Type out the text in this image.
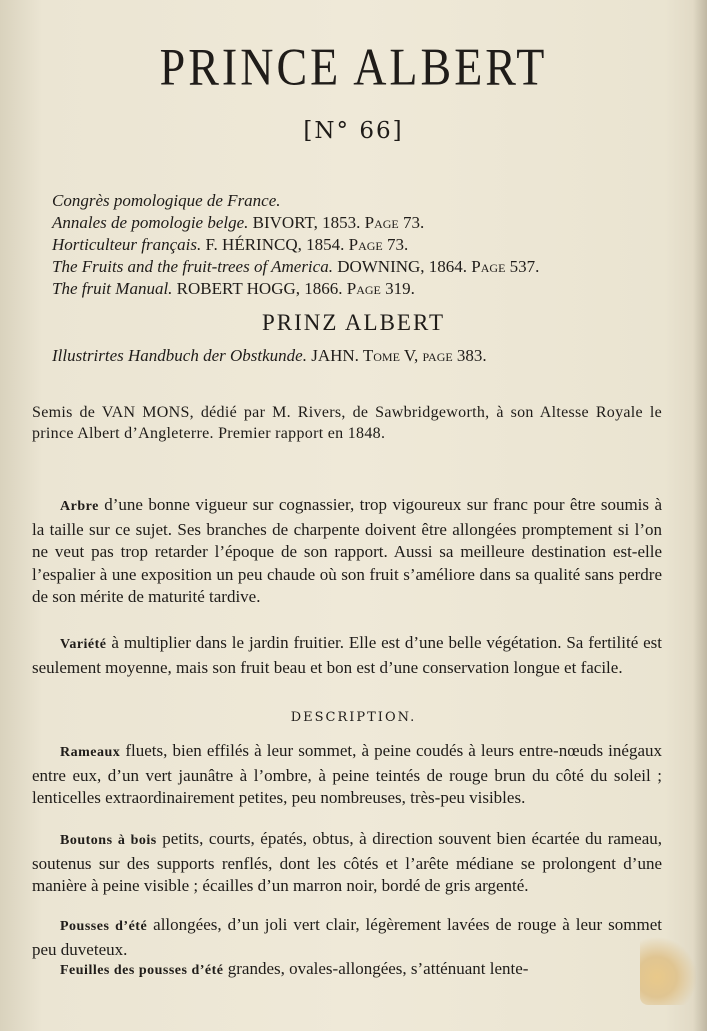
PRINCE ALBERT
[N° 66]
Congrès pomologique de France.
Annales de pomologie belge. BIVORT, 1853. Page 73.
Horticulteur français. F. HÉRINCQ, 1854. Page 73.
The Fruits and the fruit-trees of America. DOWNING, 1864. Page 537.
The fruit Manual. ROBERT HOGG, 1866. Page 319.
PRINZ ALBERT
Illustrirtes Handbuch der Obstkunde. JAHN. Tome V, page 383.
Semis de VAN MONS, dédié par M. Rivers, de Sawbridgeworth, à son Altesse Royale le prince Albert d’Angleterre. Premier rapport en 1848.
Arbre d’une bonne vigueur sur cognassier, trop vigoureux sur franc pour être soumis à la taille sur ce sujet. Ses branches de charpente doivent être allongées promptement si l’on ne veut pas trop retarder l’époque de son rapport. Aussi sa meilleure destination est-elle l’espalier à une exposition un peu chaude où son fruit s’améliore dans sa qualité sans perdre de son mérite de maturité tardive.
Variété à multiplier dans le jardin fruitier. Elle est d’une belle végétation. Sa fertilité est seulement moyenne, mais son fruit beau et bon est d’une conservation longue et facile.
DESCRIPTION.
Rameaux fluets, bien effilés à leur sommet, à peine coudés à leurs entre-nœuds inégaux entre eux, d’un vert jaunâtre à l’ombre, à peine teintés de rouge brun du côté du soleil ; lenticelles extraordinairement petites, peu nombreuses, très-peu visibles.
Boutons à bois petits, courts, épatés, obtus, à direction souvent bien écartée du rameau, soutenus sur des supports renflés, dont les côtés et l’arête médiane se prolongent d’une manière à peine visible ; écailles d’un marron noir, bordé de gris argenté.
Pousses d’été allongées, d’un joli vert clair, légèrement lavées de rouge à leur sommet peu duveteux.
Feuilles des pousses d’été grandes, ovales-allongées, s’atténuant lente-
